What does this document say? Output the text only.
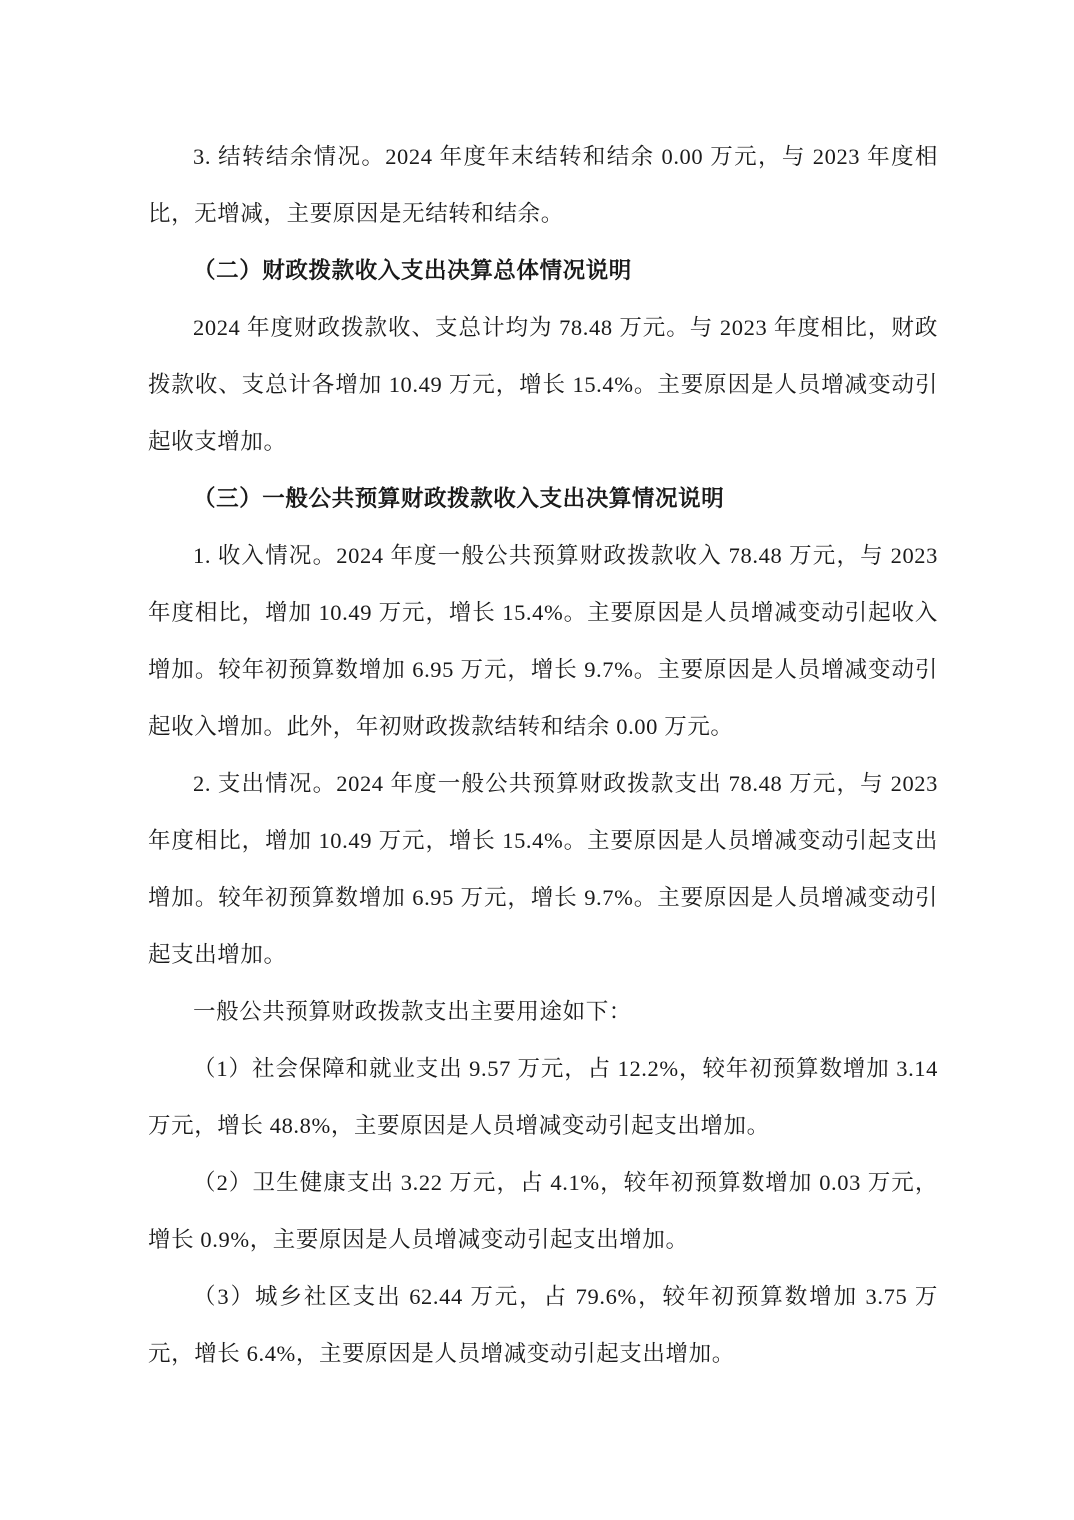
3. 结转结余情况。2024 年度年末结转和结余 0.00 万元，与 2023 年度相比，无增减，主要原因是无结转和结余。

（二）财政拨款收入支出决算总体情况说明

2024 年度财政拨款收、支总计均为 78.48 万元。与 2023 年度相比，财政拨款收、支总计各增加 10.49 万元，增长 15.4%。主要原因是人员增减变动引起收支增加。

（三）一般公共预算财政拨款收入支出决算情况说明

1. 收入情况。2024 年度一般公共预算财政拨款收入 78.48 万元，与 2023 年度相比，增加 10.49 万元，增长 15.4%。主要原因是人员增减变动引起收入增加。较年初预算数增加 6.95 万元，增长 9.7%。主要原因是人员增减变动引起收入增加。此外，年初财政拨款结转和结余 0.00 万元。

2. 支出情况。2024 年度一般公共预算财政拨款支出 78.48 万元，与 2023 年度相比，增加 10.49 万元，增长 15.4%。主要原因是人员增减变动引起支出增加。较年初预算数增加 6.95 万元，增长 9.7%。主要原因是人员增减变动引起支出增加。

一般公共预算财政拨款支出主要用途如下：

（1）社会保障和就业支出 9.57 万元，占 12.2%，较年初预算数增加 3.14 万元，增长 48.8%，主要原因是人员增减变动引起支出增加。

（2）卫生健康支出 3.22 万元，占 4.1%，较年初预算数增加 0.03 万元，增长 0.9%，主要原因是人员增减变动引起支出增加。

（3）城乡社区支出 62.44 万元，占 79.6%，较年初预算数增加 3.75 万元，增长 6.4%，主要原因是人员增减变动引起支出增加。
